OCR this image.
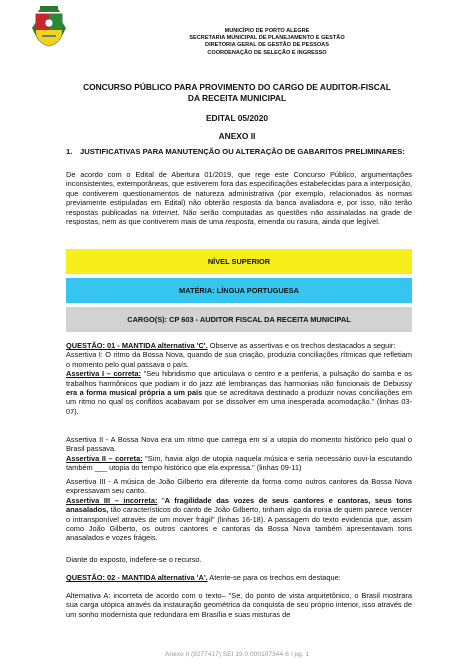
MUNICÍPIO DE PORTO ALEGRE
SECRETARIA MUNICIPAL DE PLANEJAMENTO E GESTÃO
DIRETORIA GERAL DE GESTÃO DE PESSOAS
COORDENAÇÃO DE SELEÇÃO E INGRESSO
CONCURSO PÚBLICO PARA PROVIMENTO DO CARGO DE AUDITOR-FISCAL
DA RECEITA MUNICIPAL
EDITAL 05/2020
ANEXO II
1. JUSTIFICATIVAS PARA MANUTENÇÃO OU ALTERAÇÃO DE GABARITOS PRELIMINARES:

De acordo com o Edital de Abertura 01/2019, que rege este Concurso Público, argumentações inconsistentes, extemporâneas, que estiverem fora das especificações estabelecidas para a interposição, que contiverem questionamentos de natureza administrativa (por exemplo, relacionados às normas previamente estipuladas em Edital) não obterão resposta da banca avaliadora e, por isso, não terão respostas publicadas na Internet. Não serão computadas as questões não assinaladas na grade de respostas, nem as que contiverem mais de uma resposta, emenda ou rasura, ainda que legível.

NÍVEL SUPERIOR
MATÉRIA: LÍNGUA PORTUGUESA
CARGO(S): CP 603 - AUDITOR FISCAL DA RECEITA MUNICIPAL

QUESTÃO: 01 - MANTIDA alternativa 'C'. Observe as assertivas e os trechos destacados a seguir:
Assertiva I: O ritmo da Bossa Nova, quando de sua criação, produzia conciliações rítmicas que refletiam o momento pelo qual passava o país.
Assertiva I – correta: "Seu hibridismo que articulava o centro e a periferia, a pulsação do samba e os trabalhos harmônicos que podiam ir do jazz até lembranças das harmonias não funcionais de Debussy era a forma musical própria a um país que se acreditava destinado a produzir novas conciliações em um ritmo no qual os conflitos acabavam por se dissolver em uma inesperada acomodação." (linhas 03-07).

Assertiva II - A Bossa Nova era um ritmo que carrega em si a utopia do momento histórico pelo qual o Brasil passava.
Assertiva II – correta: "Sim, havia algo de utopia naquela música e seria necessário ouvi-la escutando também ___ utopia do tempo histórico que ela expressa." (linhas 09-11)

Assertiva III - A música de João Gilberto era diferente da forma como outros cantores da Bossa Nova expressavam seu canto.
Assertiva III – incorreta: "A fragilidade das vozes de seus cantores e cantoras, seus tons anasalados, tão característicos do canto de João Gilberto, tinham algo da ironia de quem parece vencer o intransponível através de um mover frágil" (linhas 16-18). A passagem do texto evidencia que, assim como João Gilberto, os outros cantores e cantoras da Bossa Nova também apresentavam tons anasalados e vozes frágeis.

Diante do exposto, indefere-se o recurso.

QUESTÃO: 02 - MANTIDA alternativa 'A'. Atente-se para os trechos em destaque:

Alternativa A: incorreta de acordo com o texto– "Se, do ponto de vista arquitetônico, o Brasil mostrara sua carga utópica através da instauração geométrica da conquista de seu próprio interior, isso através de um sonho modernista que redundara em Brasília e suas misturas de

Anexo II (9277417) SEI 19.0.000107344-6 / pg. 1
